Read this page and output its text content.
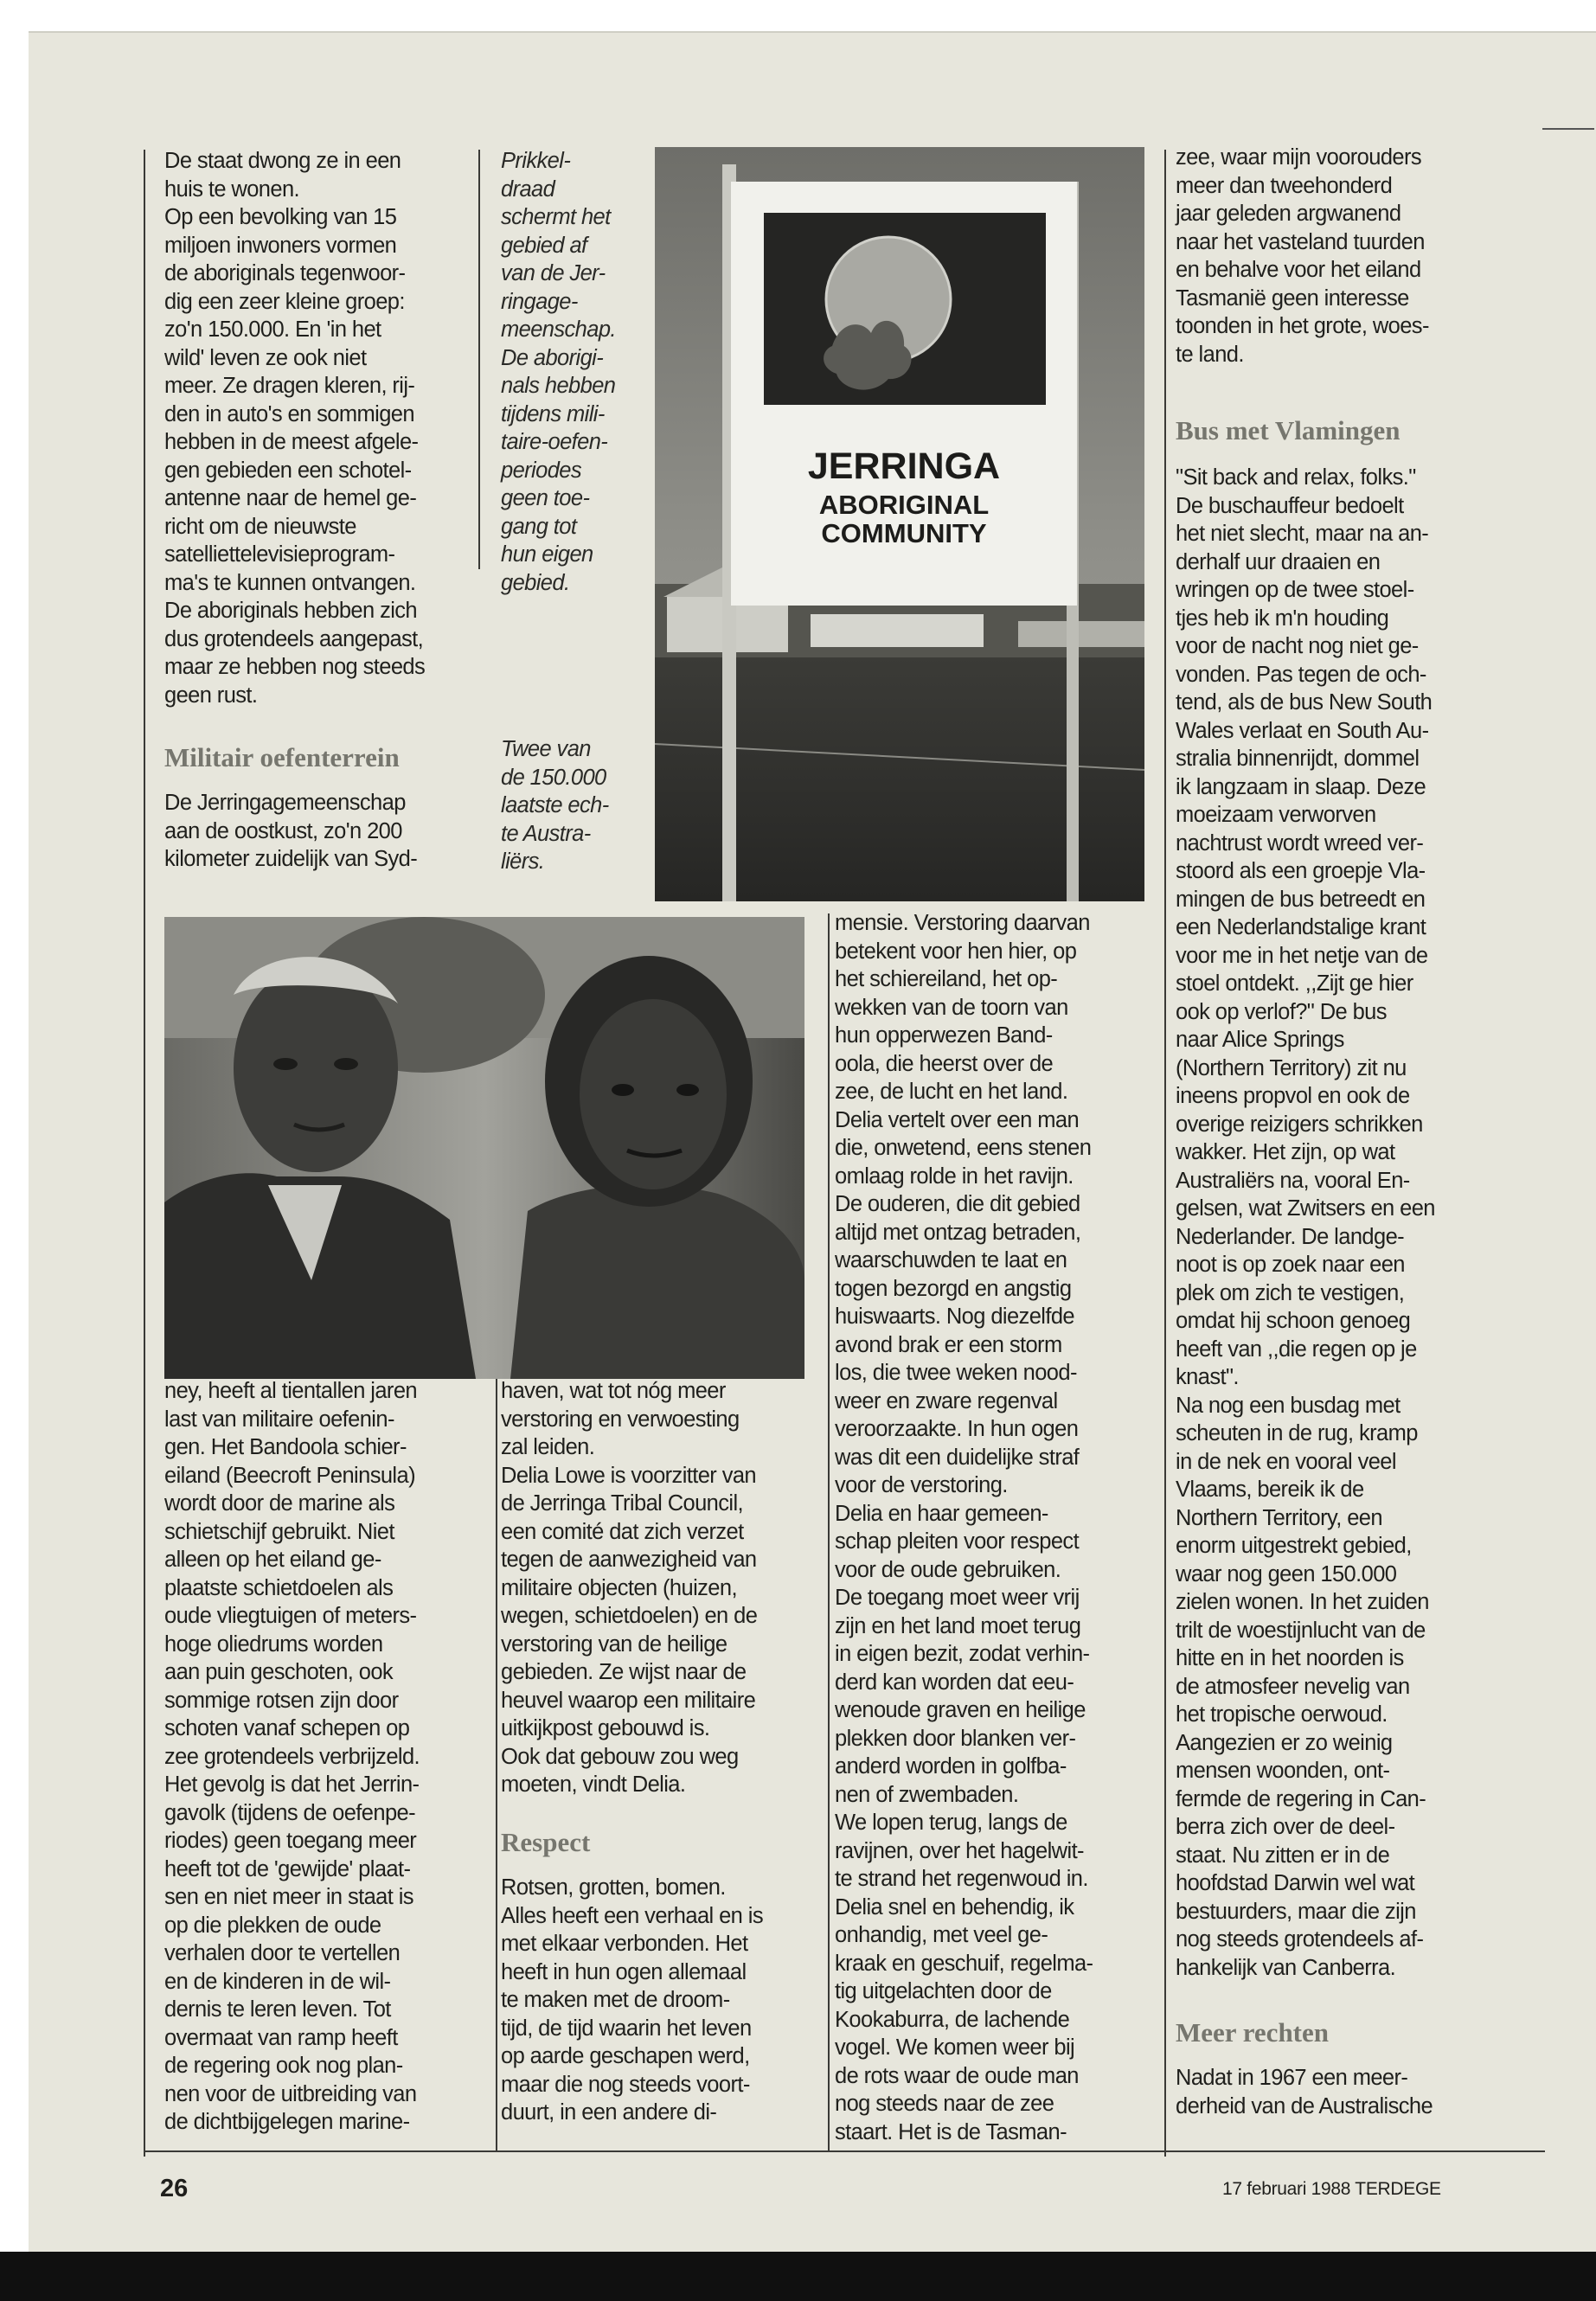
De staat dwong ze in een
huis te wonen.
Op een bevolking van 15
miljoen inwoners vormen
de aboriginals tegenwoor-
dig een zeer kleine groep:
zo'n 150.000. En 'in het
wild' leven ze ook niet
meer. Ze dragen kleren, rij-
den in auto's en sommigen
hebben in de meest afgele-
gen gebieden een schotel-
antenne naar de hemel ge-
richt om de nieuwste
satelliettelevisieprogram-
ma's te kunnen ontvangen.
De aboriginals hebben zich
dus grotendeels aangepast,
maar ze hebben nog steeds
geen rust.

Militair oefenterrein

De Jerringagemeenschap
aan de oostkust, zo'n 200
kilometer zuidelijk van Syd-

Prikkel-
draad
schermt het
gebied af
van de Jer-
ringage-
meenschap.
De aborigi-
nals hebben
tijdens mili-
taire-oefen-
periodes
geen toe-
gang tot
hun eigen
gebied.

Twee van
de 150.000
laatste ech-
te Austra-
liërs.

JERRINGA
ABORIGINAL
COMMUNITY

ney, heeft al tientallen jaren
last van militaire oefenin-
gen. Het Bandoola schier-
eiland (Beecroft Peninsula)
wordt door de marine als
schietschijf gebruikt. Niet
alleen op het eiland ge-
plaatste schietdoelen als
oude vliegtuigen of meters-
hoge oliedrums worden
aan puin geschoten, ook
sommige rotsen zijn door
schoten vanaf schepen op
zee grotendeels verbrijzeld.
Het gevolg is dat het Jerrin-
gavolk (tijdens de oefenpe-
riodes) geen toegang meer
heeft tot de 'gewijde' plaat-
sen en niet meer in staat is
op die plekken de oude
verhalen door te vertellen
en de kinderen in de wil-
dernis te leren leven. Tot
overmaat van ramp heeft
de regering ook nog plan-
nen voor de uitbreiding van
de dichtbijgelegen marine-

haven, wat tot nóg meer
verstoring en verwoesting
zal leiden.
Delia Lowe is voorzitter van
de Jerringa Tribal Council,
een comité dat zich verzet
tegen de aanwezigheid van
militaire objecten (huizen,
wegen, schietdoelen) en de
verstoring van de heilige
gebieden. Ze wijst naar de
heuvel waarop een militaire
uitkijkpost gebouwd is.
Ook dat gebouw zou weg
moeten, vindt Delia.

Respect

Rotsen, grotten, bomen.
Alles heeft een verhaal en is
met elkaar verbonden. Het
heeft in hun ogen allemaal
te maken met de droom-
tijd, de tijd waarin het leven
op aarde geschapen werd,
maar die nog steeds voort-
duurt, in een andere di-

mensie. Verstoring daarvan
betekent voor hen hier, op
het schiereiland, het op-
wekken van de toorn van
hun opperwezen Band-
oola, die heerst over de
zee, de lucht en het land.
Delia vertelt over een man
die, onwetend, eens stenen
omlaag rolde in het ravijn.
De ouderen, die dit gebied
altijd met ontzag betraden,
waarschuwden te laat en
togen bezorgd en angstig
huiswaarts. Nog diezelfde
avond brak er een storm
los, die twee weken nood-
weer en zware regenval
veroorzaakte. In hun ogen
was dit een duidelijke straf
voor de verstoring.
Delia en haar gemeen-
schap pleiten voor respect
voor de oude gebruiken.
De toegang moet weer vrij
zijn en het land moet terug
in eigen bezit, zodat verhin-
derd kan worden dat eeu-
wenoude graven en heilige
plekken door blanken ver-
anderd worden in golfba-
nen of zwembaden.
We lopen terug, langs de
ravijnen, over het hagelwit-
te strand het regenwoud in.
Delia snel en behendig, ik
onhandig, met veel ge-
kraak en geschuif, regelma-
tig uitgelachten door de
Kookaburra, de lachende
vogel. We komen weer bij
de rots waar de oude man
nog steeds naar de zee
staart. Het is de Tasman-

zee, waar mijn voorouders
meer dan tweehonderd
jaar geleden argwanend
naar het vasteland tuurden
en behalve voor het eiland
Tasmanië geen interesse
toonden in het grote, woes-
te land.

Bus met Vlamingen

"Sit back and relax, folks."
De buschauffeur bedoelt
het niet slecht, maar na an-
derhalf uur draaien en
wringen op de twee stoel-
tjes heb ik m'n houding
voor de nacht nog niet ge-
vonden. Pas tegen de och-
tend, als de bus New South
Wales verlaat en South Au-
stralia binnenrijdt, dommel
ik langzaam in slaap. Deze
moeizaam verworven
nachtrust wordt wreed ver-
stoord als een groepje Vla-
mingen de bus betreedt en
een Nederlandstalige krant
voor me in het netje van de
stoel ontdekt. ,,Zijt ge hier
ook op verlof?" De bus
naar Alice Springs
(Northern Territory) zit nu
ineens propvol en ook de
overige reizigers schrikken
wakker. Het zijn, op wat
Australiërs na, vooral En-
gelsen, wat Zwitsers en een
Nederlander. De landge-
noot is op zoek naar een
plek om zich te vestigen,
omdat hij schoon genoeg
heeft van ,,die regen op je
knast".
Na nog een busdag met
scheuten in de rug, kramp
in de nek en vooral veel
Vlaams, bereik ik de
Northern Territory, een
enorm uitgestrekt gebied,
waar nog geen 150.000
zielen wonen. In het zuiden
trilt de woestijnlucht van de
hitte en in het noorden is
de atmosfeer nevelig van
het tropische oerwoud.
Aangezien er zo weinig
mensen woonden, ont-
fermde de regering in Can-
berra zich over de deel-
staat. Nu zitten er in de
hoofdstad Darwin wel wat
bestuurders, maar die zijn
nog steeds grotendeels af-
hankelijk van Canberra.

Meer rechten

Nadat in 1967 een meer-
derheid van de Australische

26	17 februari 1988 TERDEGE
